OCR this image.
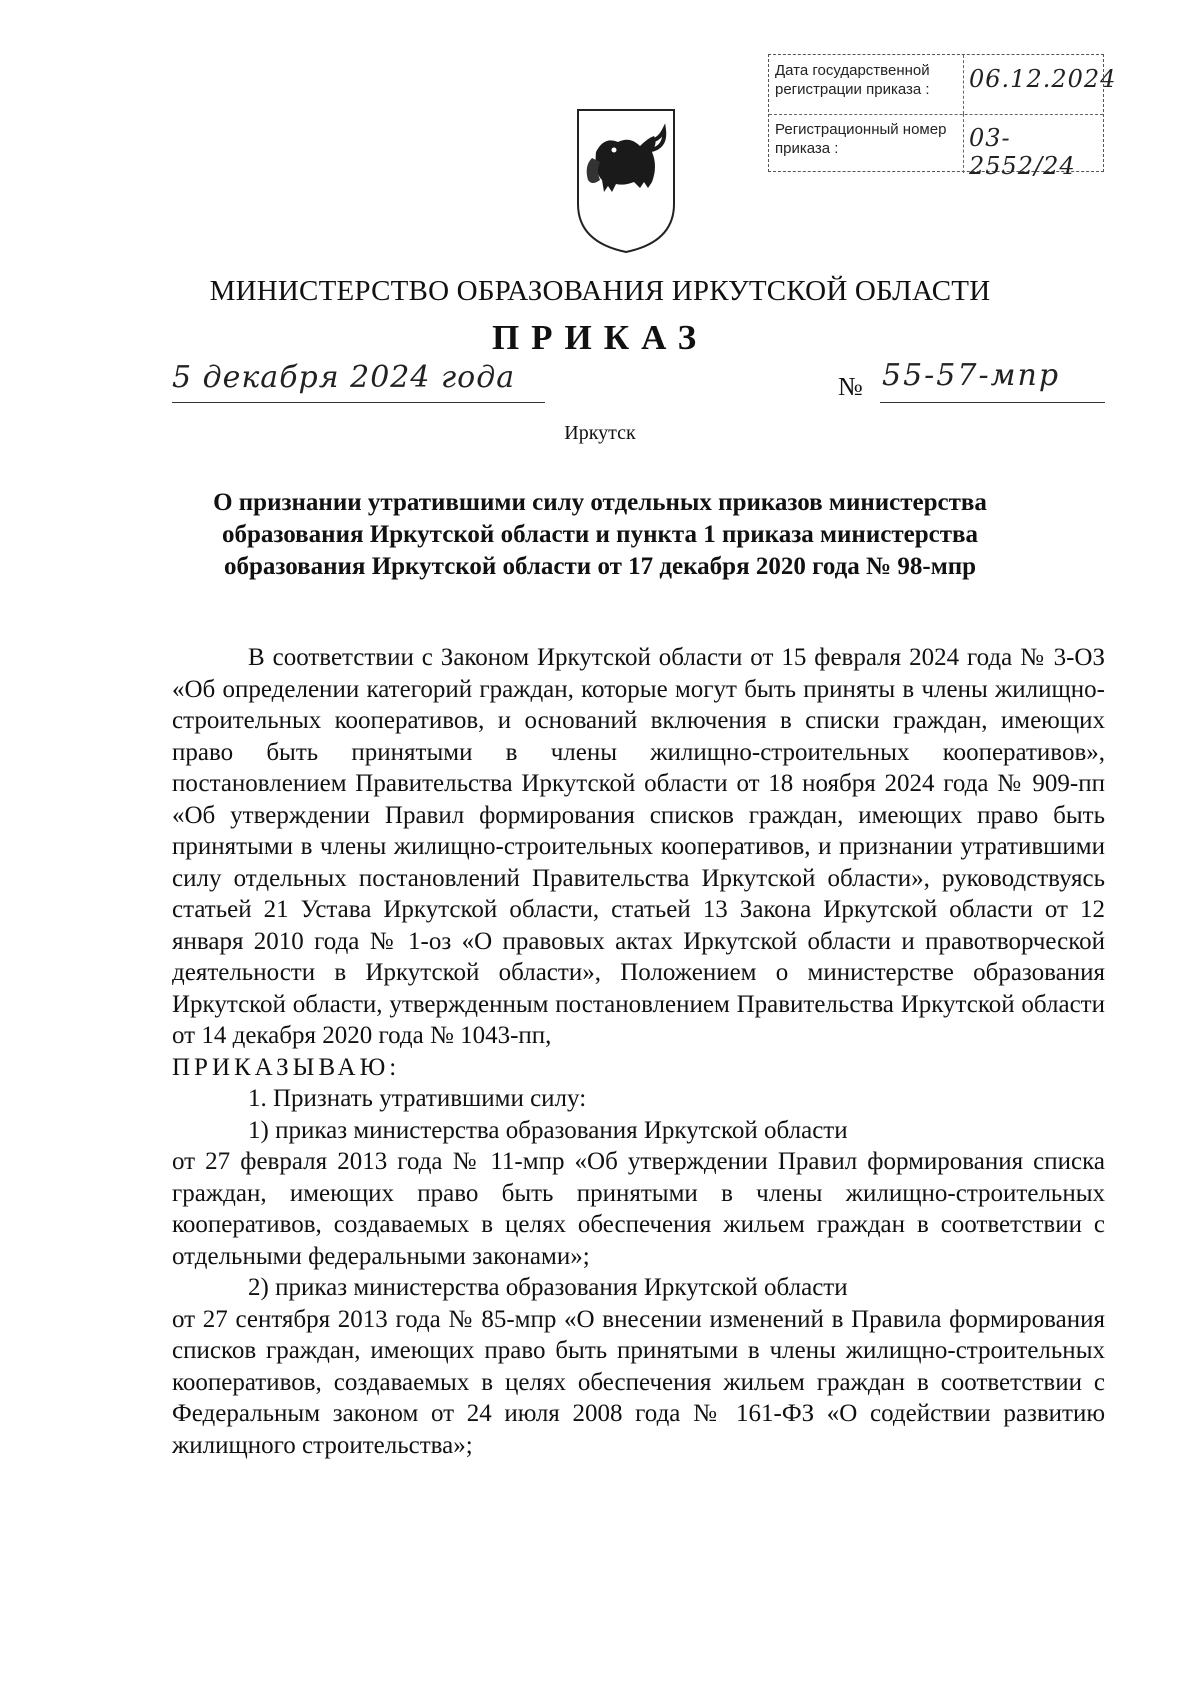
Дата государственной регистрации приказа :	06.12.2024
Регистрационный номер приказа :	03-2552/24
МИНИСТЕРСТВО ОБРАЗОВАНИЯ ИРКУТСКОЙ ОБЛАСТИ
ПРИКАЗ
5 декабря 2024 года	№ 55-57-мпр
Иркутск
О признании утратившими силу отдельных приказов министерства образования Иркутской области и пункта 1 приказа министерства образования Иркутской области от 17 декабря 2020 года № 98-мпр

В соответствии с Законом Иркутской области от 15 февраля 2024 года № 3-ОЗ «Об определении категорий граждан, которые могут быть приняты в члены жилищно-строительных кооперативов, и оснований включения в списки граждан, имеющих право быть принятыми в члены жилищно-строительных кооперативов», постановлением Правительства Иркутской области от 18 ноября 2024 года № 909-пп «Об утверждении Правил формирования списков граждан, имеющих право быть принятыми в члены жилищно-строительных кооперативов, и признании утратившими силу отдельных постановлений Правительства Иркутской области», руководствуясь статьей 21 Устава Иркутской области, статьей 13 Закона Иркутской области от 12 января 2010 года № 1-оз «О правовых актах Иркутской области и правотворческой деятельности в Иркутской области», Положением о министерстве образования Иркутской области, утвержденным постановлением Правительства Иркутской области от 14 декабря 2020 года № 1043-пп,

ПРИКАЗЫВАЮ:

1. Признать утратившими силу:

1) приказ министерства образования Иркутской области

от 27 февраля 2013 года № 11-мпр «Об утверждении Правил формирования списка граждан, имеющих право быть принятыми в члены жилищно-строительных кооперативов, создаваемых в целях обеспечения жильем граждан в соответствии с отдельными федеральными законами»;

2) приказ министерства образования Иркутской области

от 27 сентября 2013 года № 85-мпр «О внесении изменений в Правила формирования списков граждан, имеющих право быть принятыми в члены жилищно-строительных кооперативов, создаваемых в целях обеспечения жильем граждан в соответствии с Федеральным законом от 24 июля 2008 года № 161-ФЗ «О содействии развитию жилищного строительства»;
